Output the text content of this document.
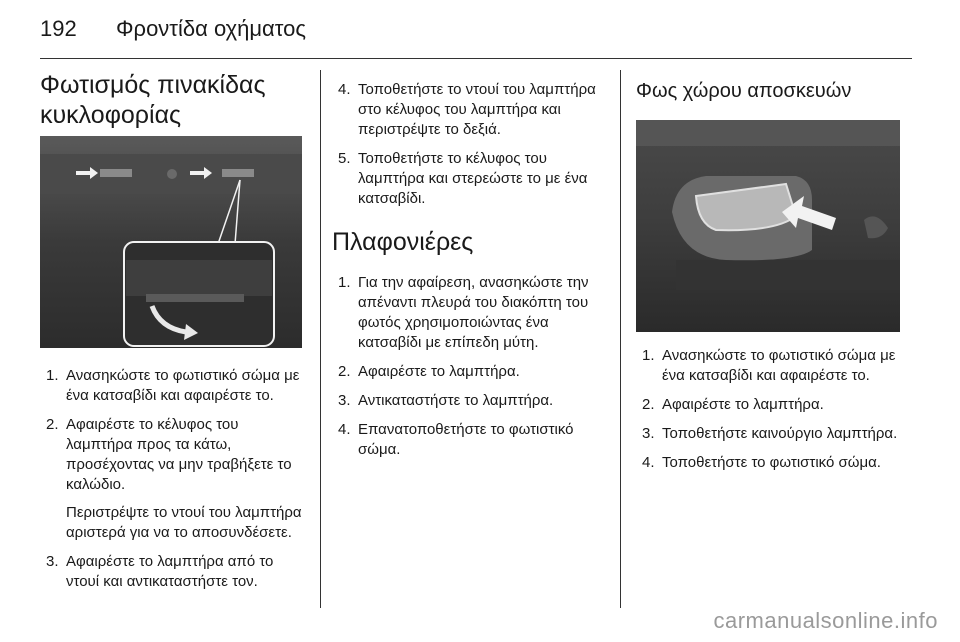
192 Φροντίδα οχήματος
Φωτισμός πινακίδας
κυκλοφορίας
1. Ανασηκώστε το φωτιστικό σώμα με ένα κατσαβίδι και αφαιρέστε το.
2. Αφαιρέστε το κέλυφος του λαμπτήρα προς τα κάτω, προσέχοντας να μην τραβήξετε το καλώδιο.
Περιστρέψτε το ντουί του λαμπτήρα αριστερά για να το αποσυνδέσετε.
3. Αφαιρέστε το λαμπτήρα από το ντουί και αντικαταστήστε τον.
4. Τοποθετήστε το ντουί του λαμπτήρα στο κέλυφος του λαμπτήρα και περιστρέψτε το δεξιά.
5. Τοποθετήστε το κέλυφος του λαμπτήρα και στερεώστε το με ένα κατσαβίδι.
Πλαφονιέρες
1. Για την αφαίρεση, ανασηκώστε την απέναντι πλευρά του διακόπτη του φωτός χρησιμοποιώντας ένα κατσαβίδι με επίπεδη μύτη.
2. Αφαιρέστε το λαμπτήρα.
3. Αντικαταστήστε το λαμπτήρα.
4. Επανατοποθετήστε το φωτιστικό σώμα.
Φως χώρου αποσκευών
1. Ανασηκώστε το φωτιστικό σώμα με ένα κατσαβίδι και αφαιρέστε το.
2. Αφαιρέστε το λαμπτήρα.
3. Τοποθετήστε καινούργιο λαμπτήρα.
4. Τοποθετήστε το φωτιστικό σώμα.
carmanualsonline.info
